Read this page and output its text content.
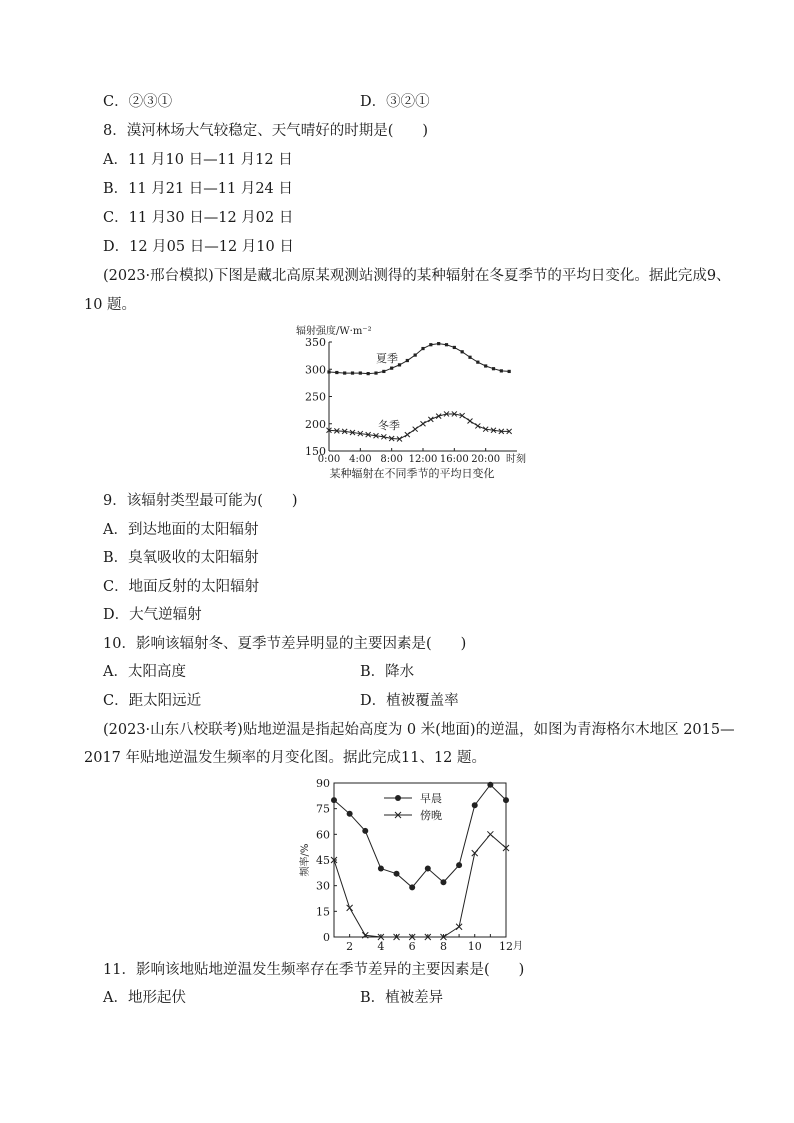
C．②③①	D．③②①
8．漠河林场大气较稳定、天气晴好的时期是(　　)
A．11 月10 日—11 月12 日
B．11 月21 日—11 月24 日
C．11 月30 日—12 月02 日
D．12 月05 日—12 月10 日
(2023·邢台模拟)下图是藏北高原某观测站测得的某种辐射在冬夏季节的平均日变化。据此完成9、
10 题。
辐射强度/W·m⁻²
150
200
250
300
350
0:00 4:00 8:00 12:00 16:00 20:00
夏季
冬季
时刻
某种辐射在不同季节的平均日变化
9．该辐射类型最可能为(　　)
A．到达地面的太阳辐射
B．臭氧吸收的太阳辐射
C．地面反射的太阳辐射
D．大气逆辐射
10．影响该辐射冬、夏季节差异明显的主要因素是(　　)
A．太阳高度	B．降水
C．距太阳远近	D．植被覆盖率
(2023·山东八校联考)贴地逆温是指起始高度为 0 米(地面)的逆温，如图为青海格尔木地区 2015—
2017 年贴地逆温发生频率的月变化图。据此完成11、12 题。
频率/%
0
15
30
45
60
75
90
2 4 6 8 10 12
早晨
傍晚
月
11．影响该地贴地逆温发生频率存在季节差异的主要因素是(　　)
A．地形起伏	B．植被差异
